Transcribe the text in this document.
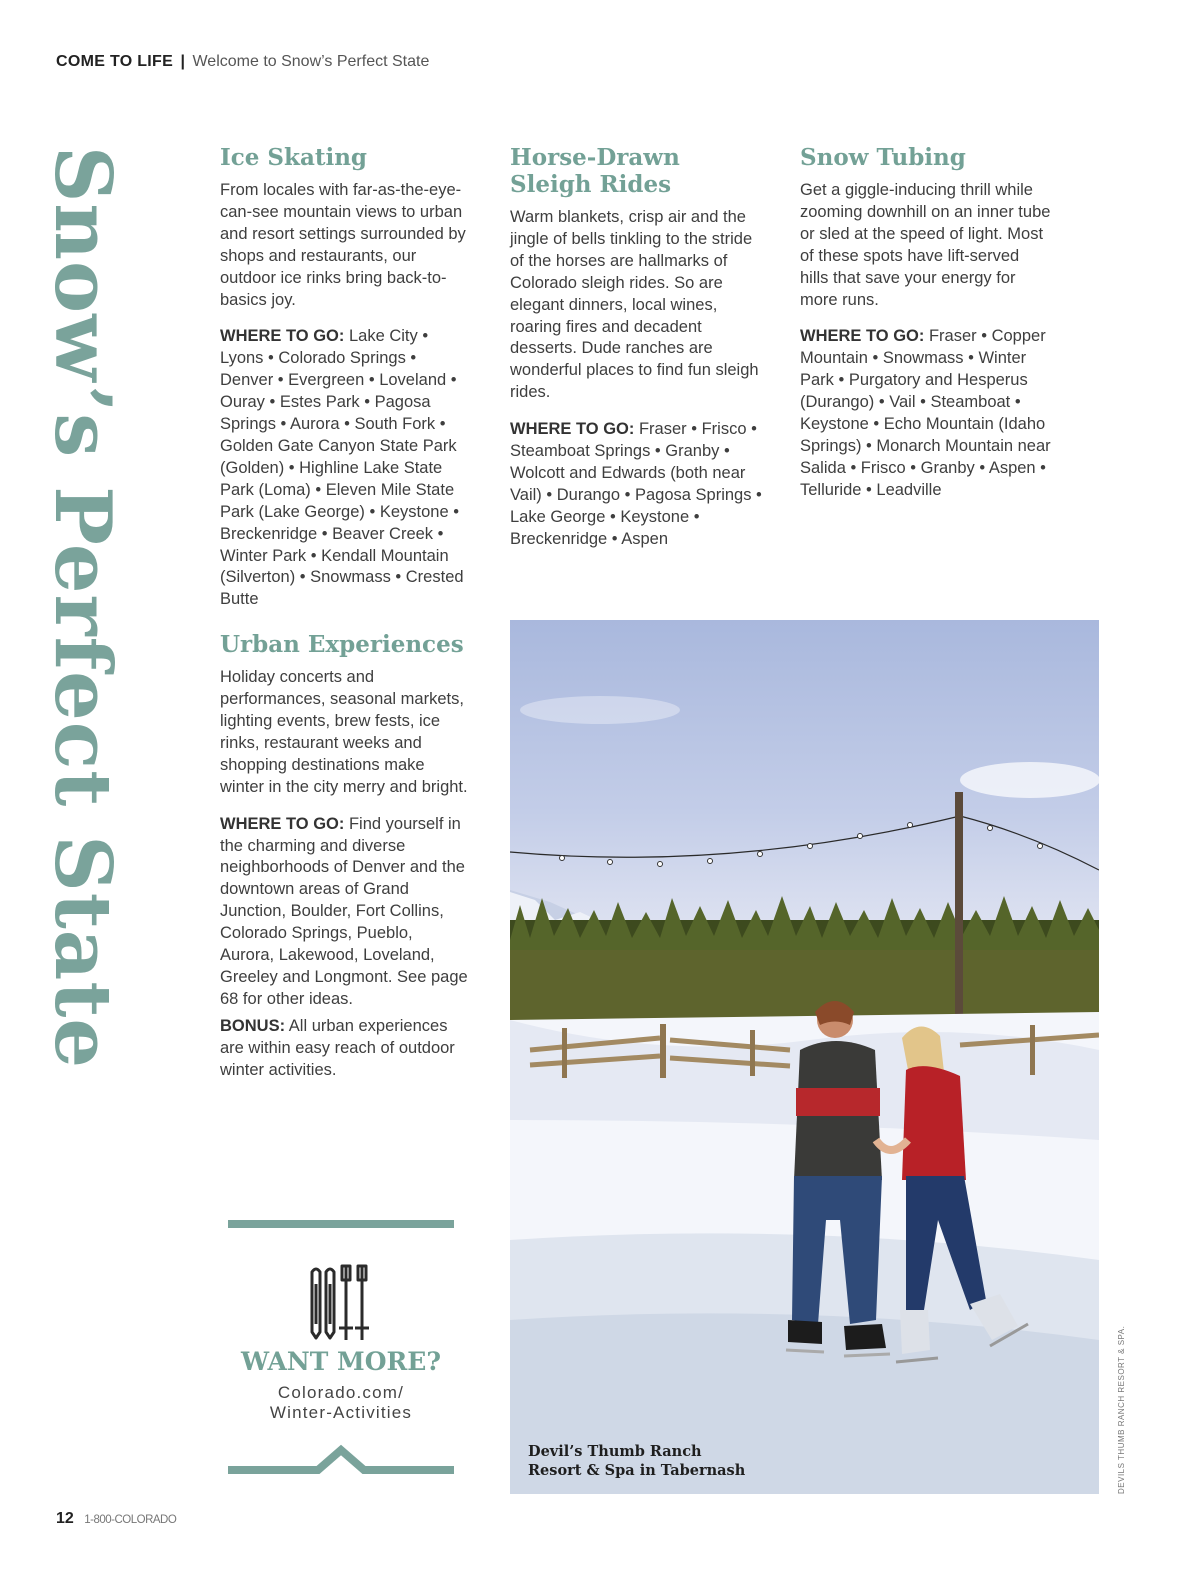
COME TO LIFE | Welcome to Snow’s Perfect State
Snow’s Perfect State	Ice Skating

From locales with far-as-the-eye-can-see mountain views to urban and resort settings surrounded by shops and restaurants, our outdoor ice rinks bring back-to-basics joy.

WHERE TO GO: Lake City • Lyons • Colorado Springs • Denver • Evergreen • Loveland • Ouray • Estes Park • Pagosa Springs • Aurora • South Fork • Golden Gate Canyon State Park (Golden) • Highline Lake State Park (Loma) • Eleven Mile State Park (Lake George) • Keystone • Breckenridge • Beaver Creek • Winter Park • Kendall Mountain (Silverton) • Snowmass • Crested Butte

Urban Experiences

Holiday concerts and performances, seasonal markets, lighting events, brew fests, ice rinks, restaurant weeks and shopping destinations make winter in the city merry and bright.

WHERE TO GO: Find yourself in the charming and diverse neighborhoods of Denver and the downtown areas of Grand Junction, Boulder, Fort Collins, Colorado Springs, Pueblo, Aurora, Lakewood, Loveland, Greeley and Longmont. See page 68 for other ideas.

BONUS: All urban experiences are within easy reach of outdoor winter activities.

Horse-Drawn Sleigh Rides

Warm blankets, crisp air and the jingle of bells tinkling to the stride of the horses are hallmarks of Colorado sleigh rides. So are elegant dinners, local wines, roaring fires and decadent desserts. Dude ranches are wonderful places to find fun sleigh rides.

WHERE TO GO: Fraser • Frisco • Steamboat Springs • Granby • Wolcott and Edwards (both near Vail) • Durango • Pagosa Springs • Lake George • Keystone • Breckenridge • Aspen

Snow Tubing

Get a giggle-inducing thrill while zooming downhill on an inner tube or sled at the speed of light. Most of these spots have lift-served hills that save your energy for more runs.

WHERE TO GO: Fraser • Copper Mountain • Snowmass • Winter Park • Purgatory and Hesperus (Durango) • Vail • Steamboat • Keystone • Echo Mountain (Idaho Springs) • Monarch Mountain near Salida • Frisco • Granby • Aspen • Telluride • Leadville

Devil’s Thumb Ranch
Resort & Spa in Tabernash	DEVILS THUMB RANCH RESORT & SPA.
WANT MORE?
Colorado.com/
Winter-Activities
12 1-800-COLORADO
